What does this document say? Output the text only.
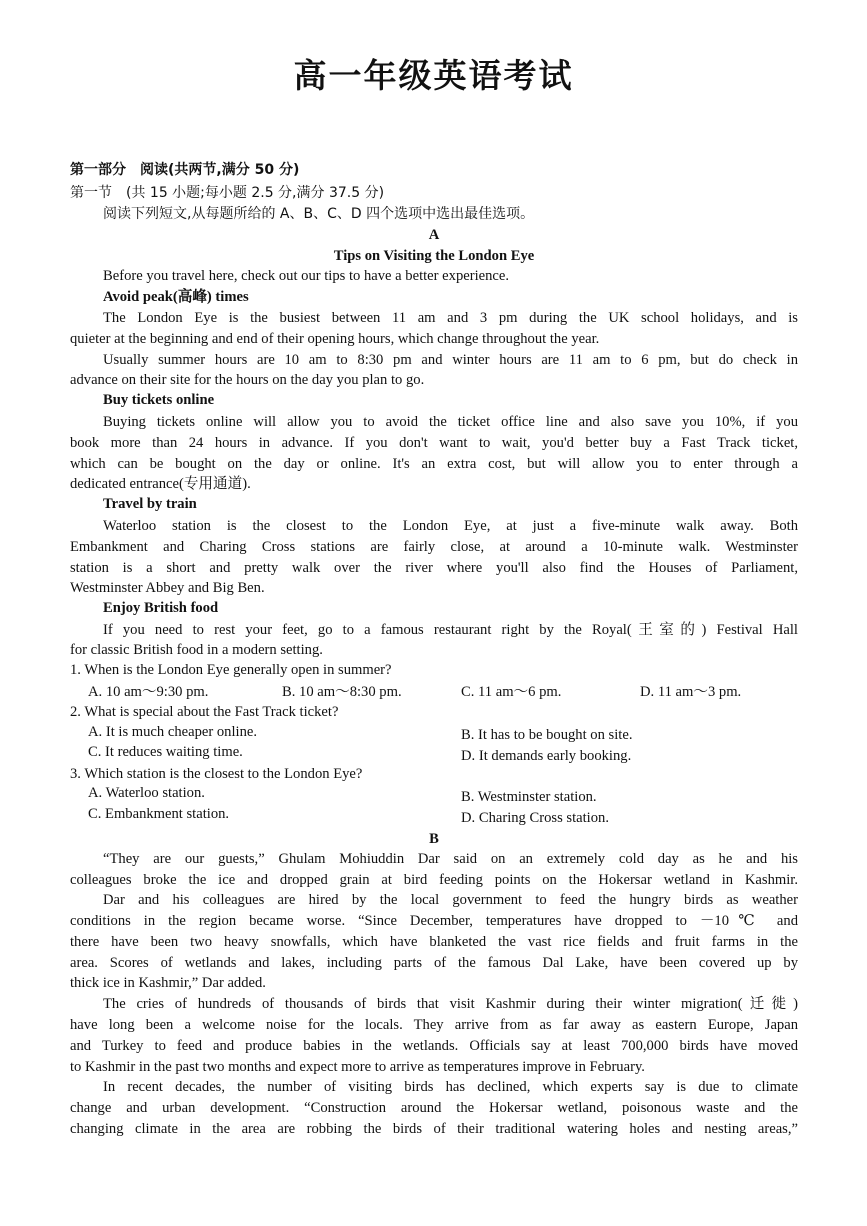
高一年级英语考试

第一部分　阅读(共两节,满分 50 分)

第一节　(共 15 小题;每小题 2.5 分,满分 37.5 分)

阅读下列短文,从每题所给的 A、B、C、D 四个选项中选出最佳选项。

A

Tips on Visiting the London Eye

Before you travel here, check out our tips to have a better experience.

Avoid peak(高峰) times

The London Eye is the busiest between 11 am and 3 pm during the UK school holidays, and is

quieter at the beginning and end of their opening hours, which change throughout the year.

Usually summer hours are 10 am to 8:30 pm and winter hours are 11 am to 6 pm, but do check in

advance on their site for the hours on the day you plan to go.

Buy tickets online

Buying tickets online will allow you to avoid the ticket office line and also save you 10%, if you

book more than 24 hours in advance. If you don't want to wait, you'd better buy a Fast Track ticket,

which can be bought on the day or online. It's an extra cost, but will allow you to enter through a

dedicated entrance(专用通道).

Travel by train

Waterloo station is the closest to the London Eye, at just a five-minute walk away. Both

Embankment and Charing Cross stations are fairly close, at around a 10-minute walk. Westminster

station is a short and pretty walk over the river where you'll also find the Houses of Parliament,

Westminster Abbey and Big Ben.

Enjoy British food

If you need to rest your feet, go to a famous restaurant right by the Royal(王室的) Festival Hall

for classic British food in a modern setting.

1. When is the London Eye generally open in summer?

A. 10 am～9:30 pm.	B. 10 am～8:30 pm.	C. 11 am～6 pm.	D. 11 am～3 pm.

2. What is special about the Fast Track ticket?

A. It is much cheaper online.	B. It has to be bought on site.

C. It reduces waiting time.	D. It demands early booking.

3. Which station is the closest to the London Eye?

A. Waterloo station.	B. Westminster station.

C. Embankment station.	D. Charing Cross station.

B

“They are our guests,” Ghulam Mohiuddin Dar said on an extremely cold day as he and his

colleagues broke the ice and dropped grain at bird feeding points on the Hokersar wetland in Kashmir.

Dar and his colleagues are hired by the local government to feed the hungry birds as weather

conditions in the region became worse. “Since December, temperatures have dropped to －10℃ and

there have been two heavy snowfalls, which have blanketed the vast rice fields and fruit farms in the

area. Scores of wetlands and lakes, including parts of the famous Dal Lake, have been covered up by

thick ice in Kashmir,” Dar added.

The cries of hundreds of thousands of birds that visit Kashmir during their winter migration(迁徙)

have long been a welcome noise for the locals. They arrive from as far away as eastern Europe, Japan

and Turkey to feed and produce babies in the wetlands. Officials say at least 700,000 birds have moved

to Kashmir in the past two months and expect more to arrive as temperatures improve in February.

In recent decades, the number of visiting birds has declined, which experts say is due to climate

change and urban development. “Construction around the Hokersar wetland, poisonous waste and the

changing climate in the area are robbing the birds of their traditional watering holes and nesting areas,”
